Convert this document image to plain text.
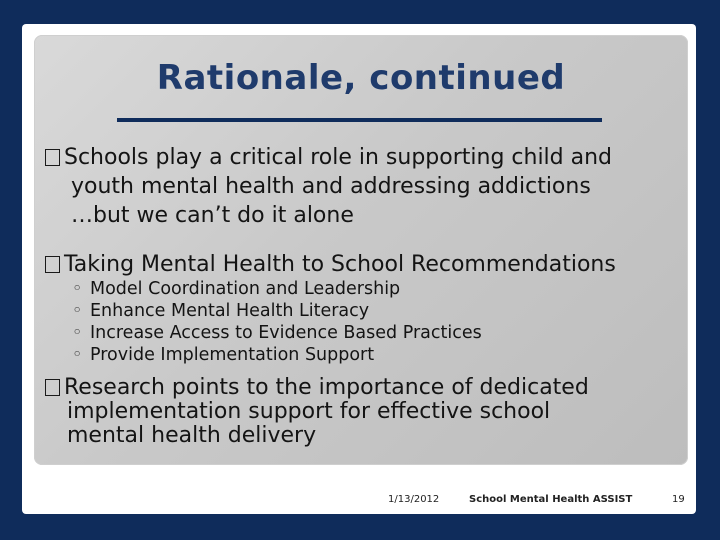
Rationale, continued
Schools play a critical role in supporting child and
youth mental health and addressing addictions
…but we can’t do it alone
Taking Mental Health to School Recommendations
◦ Model Coordination and Leadership
◦ Enhance Mental Health Literacy
◦ Increase Access to Evidence Based Practices
◦ Provide Implementation Support
Research points to the importance of dedicated
implementation support for effective school
mental health delivery
1/13/2012	School Mental Health ASSIST	19
